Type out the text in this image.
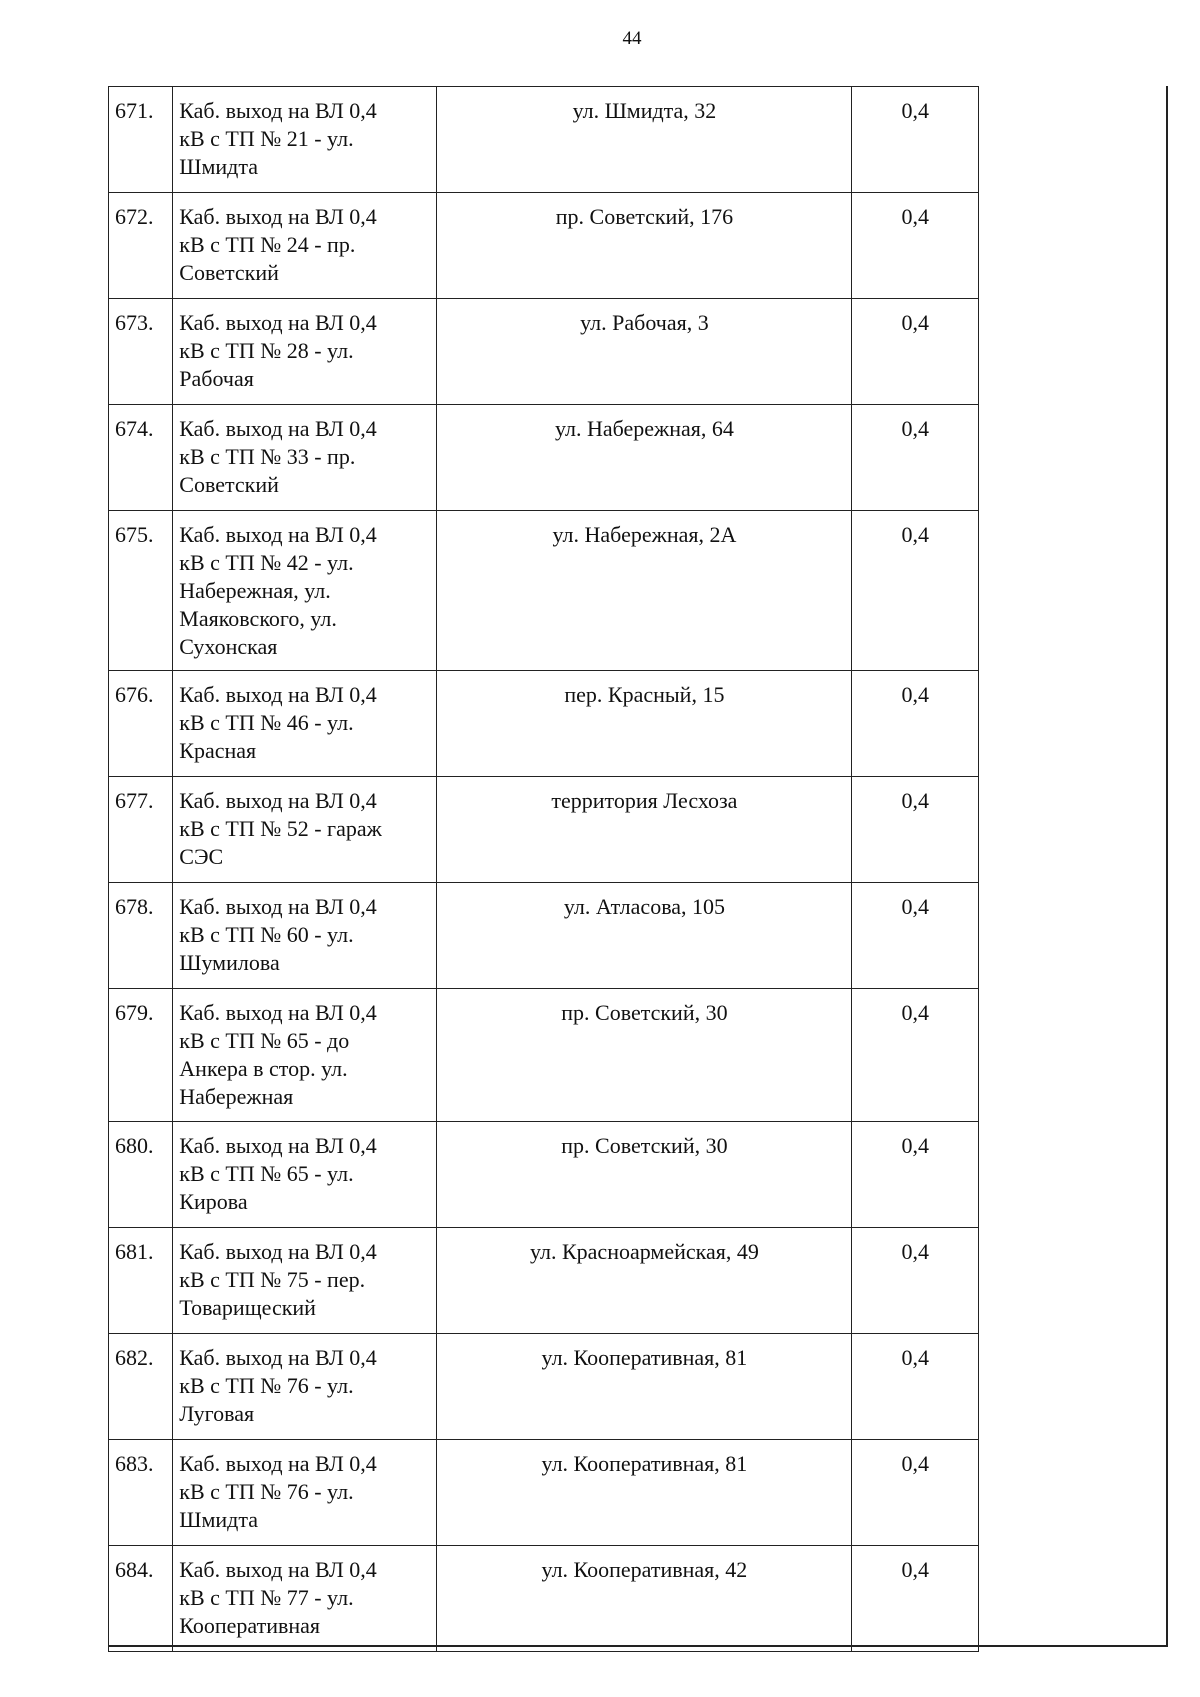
44
671.	Каб. выход на ВЛ 0,4
кВ с ТП № 21 - ул.
Шмидта	ул. Шмидта, 32	0,4
672.	Каб. выход на ВЛ 0,4
кВ с ТП № 24 - пр.
Советский	пр. Советский, 176	0,4
673.	Каб. выход на ВЛ 0,4
кВ с ТП № 28 - ул.
Рабочая	ул. Рабочая, 3	0,4
674.	Каб. выход на ВЛ 0,4
кВ с ТП № 33 - пр.
Советский	ул. Набережная, 64	0,4
675.	Каб. выход на ВЛ 0,4
кВ с ТП № 42 - ул.
Набережная, ул.
Маяковского, ул.
Сухонская	ул. Набережная, 2А	0,4
676.	Каб. выход на ВЛ 0,4
кВ с ТП № 46 - ул.
Красная	пер. Красный, 15	0,4
677.	Каб. выход на ВЛ 0,4
кВ с ТП № 52 - гараж
СЭС	территория Лесхоза	0,4
678.	Каб. выход на ВЛ 0,4
кВ с ТП № 60 - ул.
Шумилова	ул. Атласова, 105	0,4
679.	Каб. выход на ВЛ 0,4
кВ с ТП № 65 - до
Анкера в стор. ул.
Набережная	пр. Советский, 30	0,4
680.	Каб. выход на ВЛ 0,4
кВ с ТП № 65 - ул.
Кирова	пр. Советский, 30	0,4
681.	Каб. выход на ВЛ 0,4
кВ с ТП № 75 - пер.
Товарищеский	ул. Красноармейская, 49	0,4
682.	Каб. выход на ВЛ 0,4
кВ с ТП № 76 - ул.
Луговая	ул. Кооперативная, 81	0,4
683.	Каб. выход на ВЛ 0,4
кВ с ТП № 76 - ул.
Шмидта	ул. Кооперативная, 81	0,4
684.	Каб. выход на ВЛ 0,4
кВ с ТП № 77 - ул.
Кооперативная	ул. Кооперативная, 42	0,4
